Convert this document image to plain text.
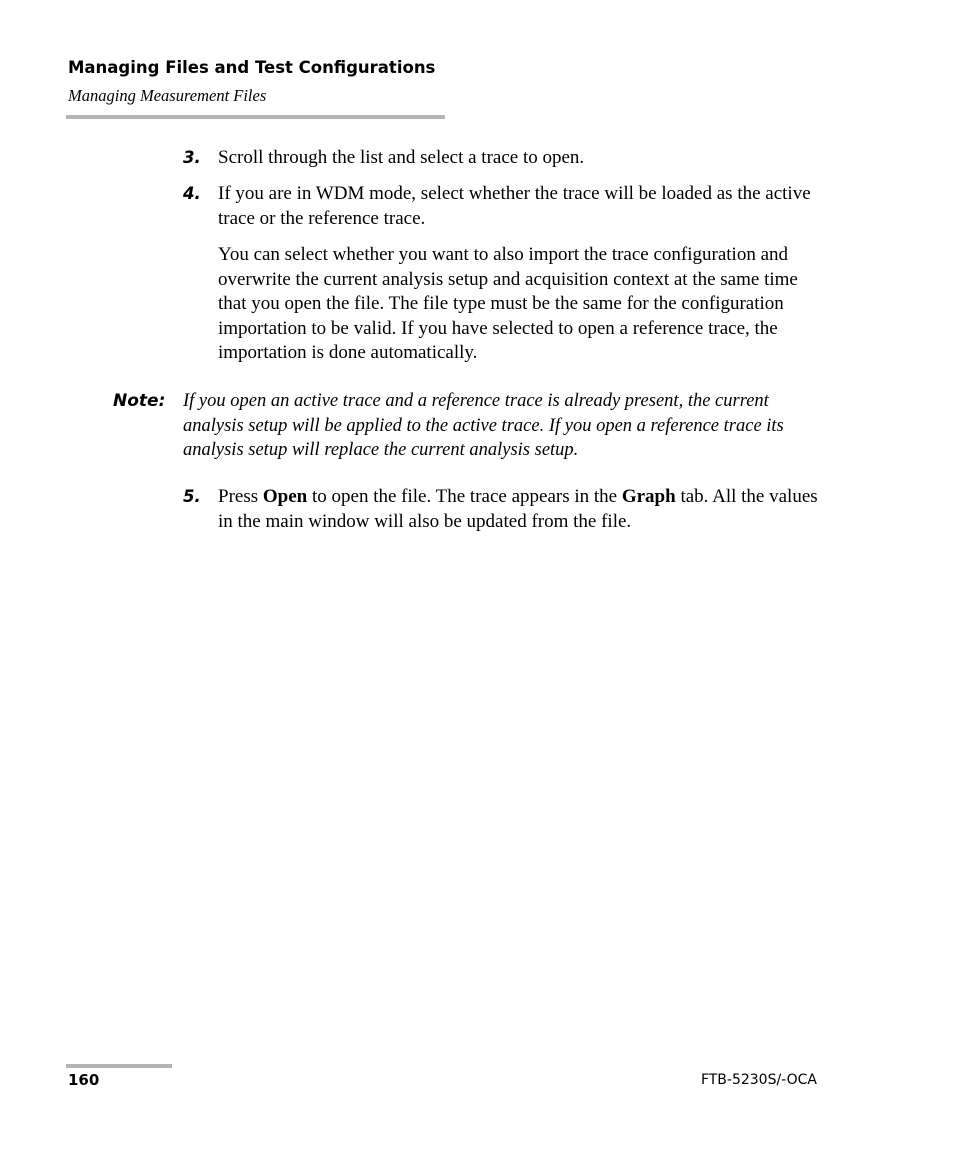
Managing Files and Test Configurations
Managing Measurement Files
3. Scroll through the list and select a trace to open.
4. If you are in WDM mode, select whether the trace will be loaded as the active trace or the reference trace.
You can select whether you want to also import the trace configuration and overwrite the current analysis setup and acquisition context at the same time that you open the file. The file type must be the same for the configuration importation to be valid. If you have selected to open a reference trace, the importation is done automatically.
Note: If you open an active trace and a reference trace is already present, the current analysis setup will be applied to the active trace. If you open a reference trace its analysis setup will replace the current analysis setup.
5. Press Open to open the file. The trace appears in the Graph tab. All the values in the main window will also be updated from the file.
160	FTB-5230S/-OCA
